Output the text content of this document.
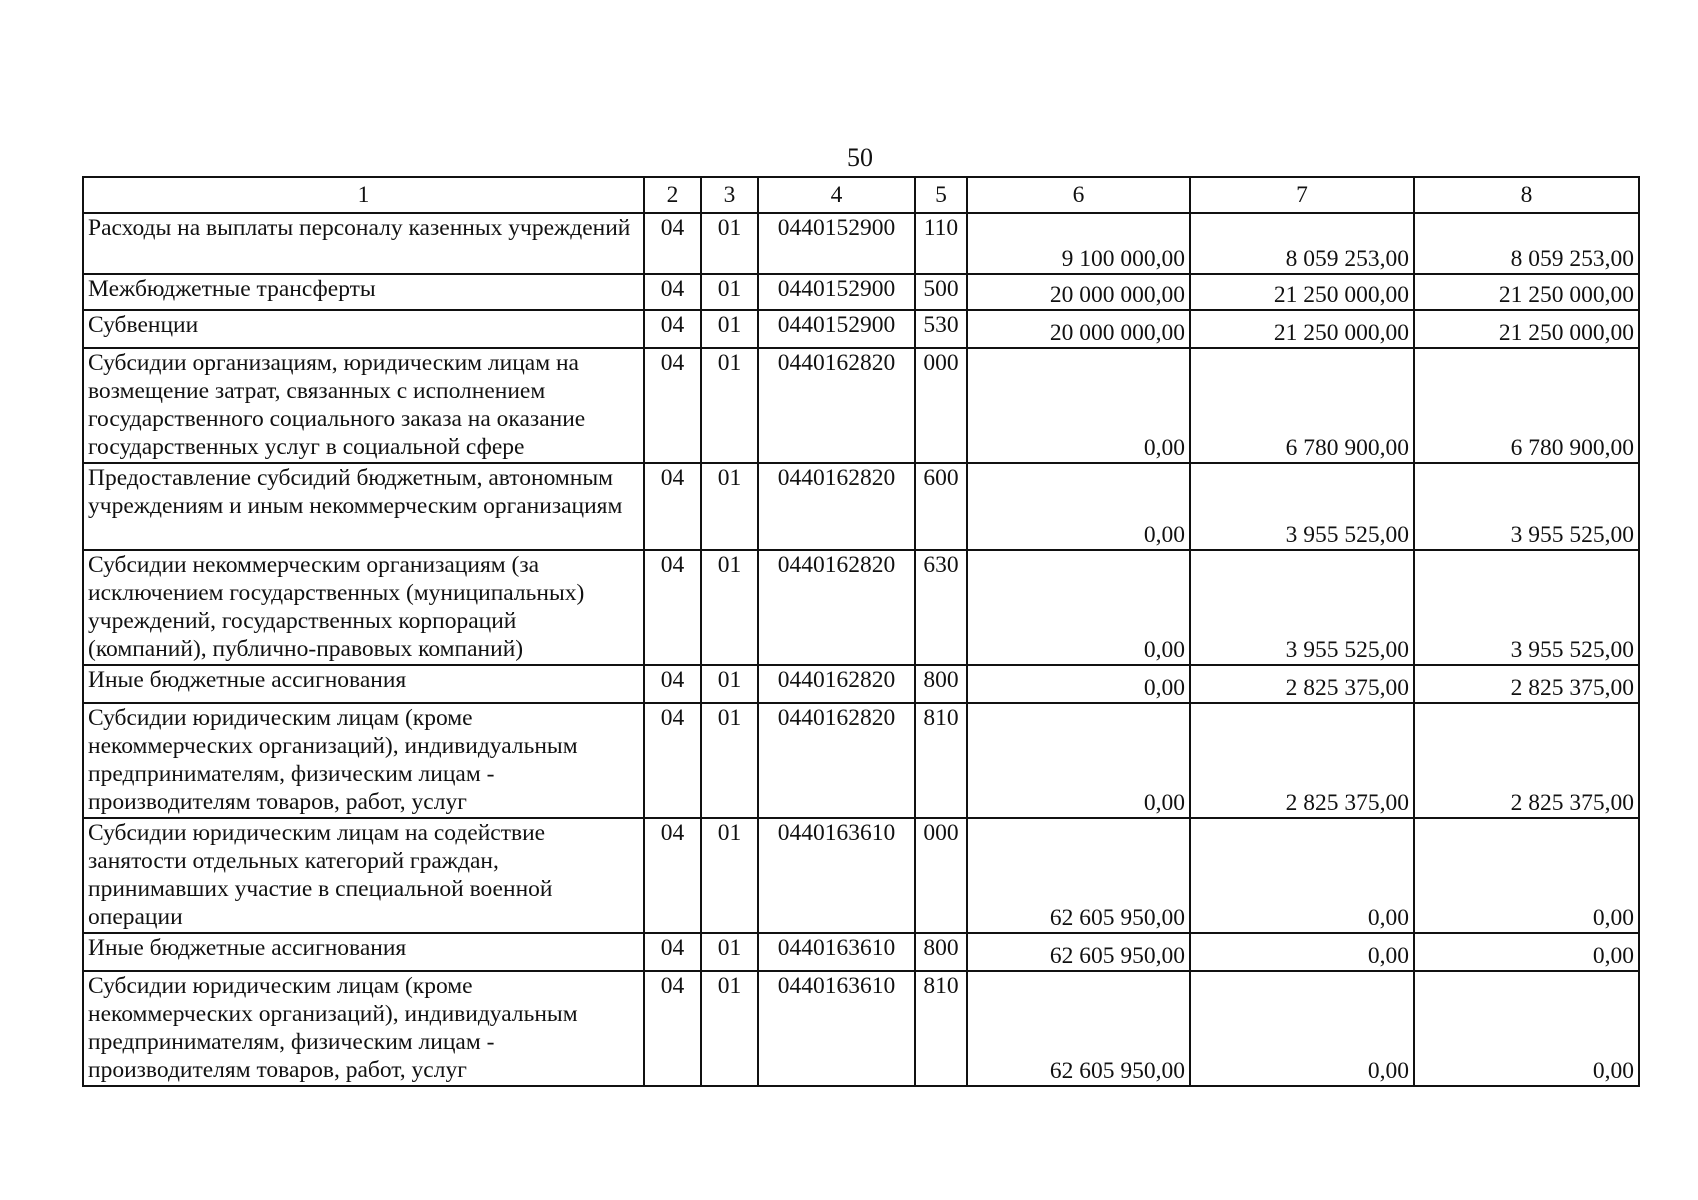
50
1	2	3	4	5	6	7	8
Расходы на выплаты персоналу казенных учреждений	04	01	0440152900	110	9 100 000,00	8 059 253,00	8 059 253,00
Межбюджетные трансферты	04	01	0440152900	500	20 000 000,00	21 250 000,00	21 250 000,00
Субвенции	04	01	0440152900	530	20 000 000,00	21 250 000,00	21 250 000,00
Субсидии организациям, юридическим лицам на возмещение затрат, связанных с исполнением государственного социального заказа на оказание государственных услуг в социальной сфере	04	01	0440162820	000	0,00	6 780 900,00	6 780 900,00
Предоставление субсидий бюджетным, автономным учреждениям и иным некоммерческим организациям	04	01	0440162820	600	0,00	3 955 525,00	3 955 525,00
Субсидии некоммерческим организациям (за исключением государственных (муниципальных) учреждений, государственных корпораций (компаний), публично-правовых компаний)	04	01	0440162820	630	0,00	3 955 525,00	3 955 525,00
Иные бюджетные ассигнования	04	01	0440162820	800	0,00	2 825 375,00	2 825 375,00
Субсидии юридическим лицам (кроме некоммерческих организаций), индивидуальным предпринимателям, физическим лицам - производителям товаров, работ, услуг	04	01	0440162820	810	0,00	2 825 375,00	2 825 375,00
Субсидии юридическим лицам на содействие занятости отдельных категорий граждан, принимавших участие в специальной военной операции	04	01	0440163610	000	62 605 950,00	0,00	0,00
Иные бюджетные ассигнования	04	01	0440163610	800	62 605 950,00	0,00	0,00
Субсидии юридическим лицам (кроме некоммерческих организаций), индивидуальным предпринимателям, физическим лицам - производителям товаров, работ, услуг	04	01	0440163610	810	62 605 950,00	0,00	0,00
